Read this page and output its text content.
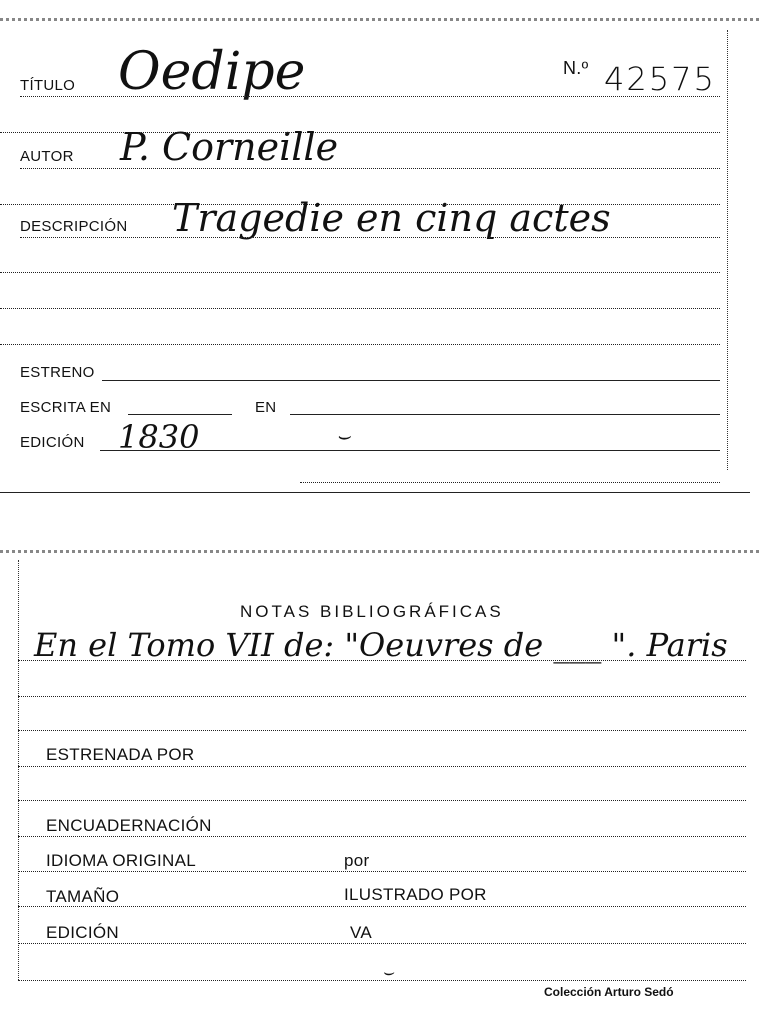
TÍTULO Oedipe	N.º 42575
AUTOR P. Corneille
DESCRIPCIÓN Tragedie en cinq actes
ESTRENO
ESCRITA EN	EN
EDICIÓN 1830	⌣
NOTAS BIBLIOGRÁFICAS
En el Tomo VII de: "Oeuvres de ___ ". Paris
ESTRENADA POR
ENCUADERNACIÓN
IDIOMA ORIGINAL	por
TAMAÑO	ILUSTRADO POR
EDICIÓN	VA
⌣
Colección Arturo Sedó
